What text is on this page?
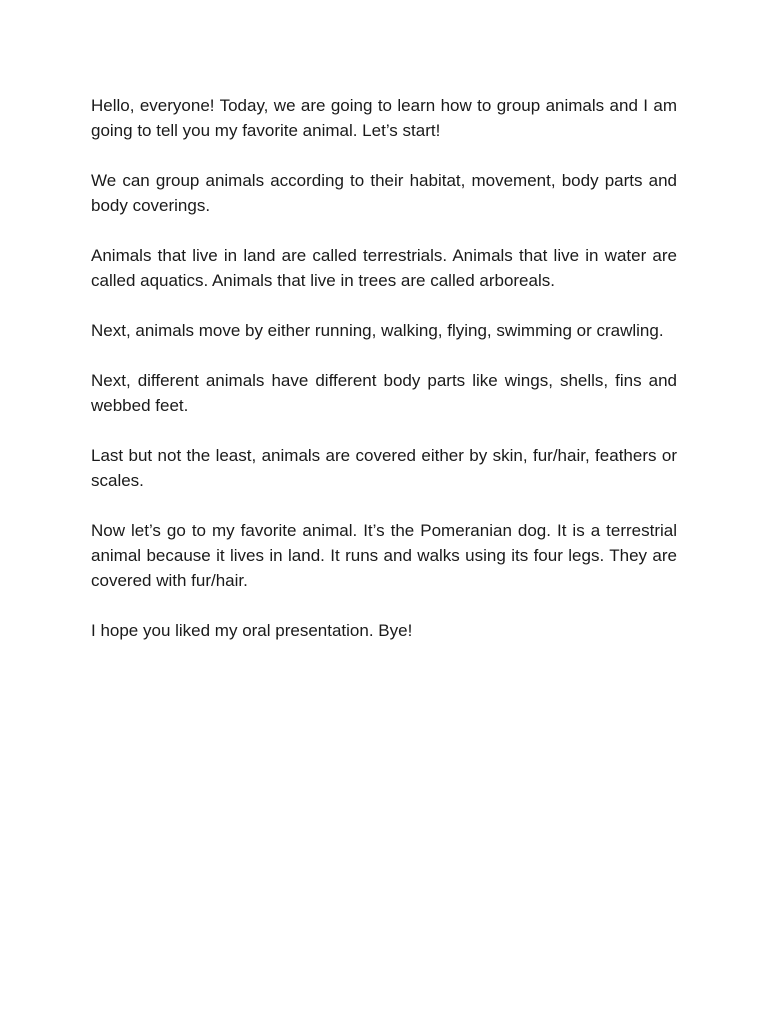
Hello, everyone! Today, we are going to learn how to group animals and I am going to tell you my favorite animal. Let’s start!

We can group animals according to their habitat, movement, body parts and body coverings.

Animals that live in land are called terrestrials. Animals that live in water are called aquatics. Animals that live in trees are called arboreals.

Next, animals move by either running, walking, flying, swimming or crawling.

Next, different animals have different body parts like wings, shells, fins and webbed feet.

Last but not the least, animals are covered either by skin, fur/hair, feathers or scales.

Now let’s go to my favorite animal. It’s the Pomeranian dog. It is a terrestrial animal because it lives in land. It runs and walks using its four legs. They are covered with fur/hair.

I hope you liked my oral presentation. Bye!
